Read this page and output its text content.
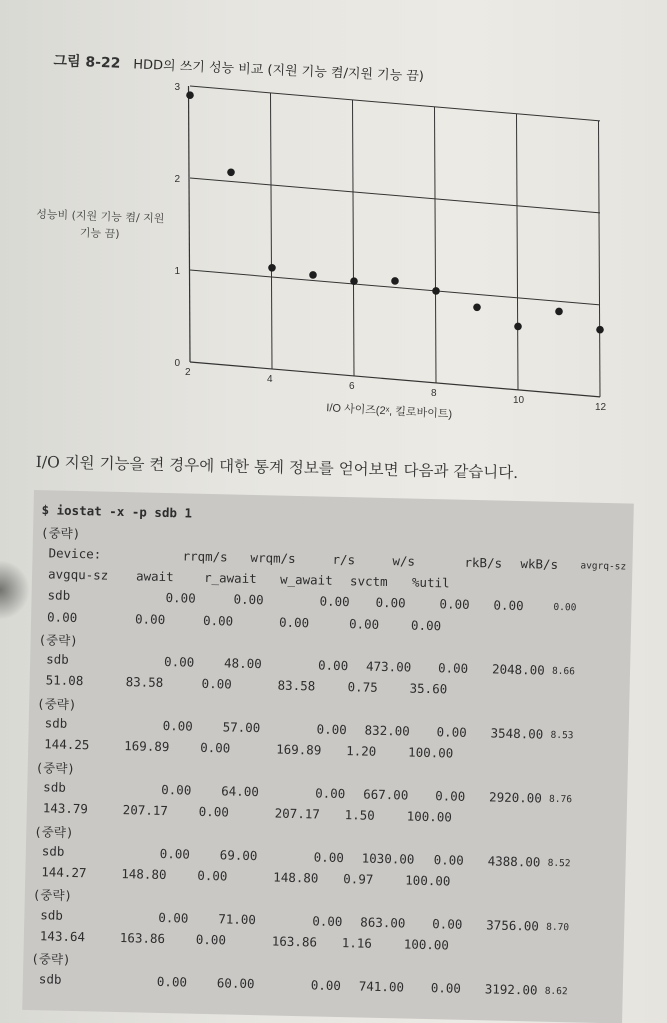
그림 8-22 HDD의 쓰기 성능 비교 (지원 기능 켬/지원 기능 끔)
0
1
2
3
2
4
6
8
10
12
I/O 사이즈(2ˣ, 킬로바이트)
성능비 (지원 기능 켬/ 지원 기능 끔)
I/O 지원 기능을 켠 경우에 대한 통계 정보를 얻어보면 다음과 같습니다.
$ iostat -x -p sdb 1
(중략)
Device:	rrqm/s wrqm/s	r/s	w/s	rkB/s wkB/s avgrq-sz
avgqu-sz await r_await w_await svctm %util
sdb	0.00	0.00	0.00 0.00	0.00 0.00	0.00
0.00	0.00	0.00	0.00	0.00	0.00
(중략)
sdb	0.00 48.00	0.00 473.00 0.00 2048.00 8.66
51.08	83.58	0.00	83.58	0.75	35.60
(중략)
sdb	0.00 57.00	0.00 832.00 0.00 3548.00 8.53
144.25	169.89 0.00	169.89 1.20	100.00
(중략)
sdb	0.00 64.00	0.00 667.00 0.00 2920.00 8.76
143.79	207.17 0.00	207.17 1.50	100.00
(중략)
sdb	0.00 69.00	0.00 1030.00 0.00 4388.00 8.52
144.27	148.80 0.00	148.80 0.97	100.00
(중략)
sdb	0.00 71.00	0.00 863.00 0.00 3756.00 8.70
143.64	163.86 0.00	163.86 1.16	100.00
(중략)
sdb	0.00 60.00	0.00 741.00 0.00 3192.00 8.62
